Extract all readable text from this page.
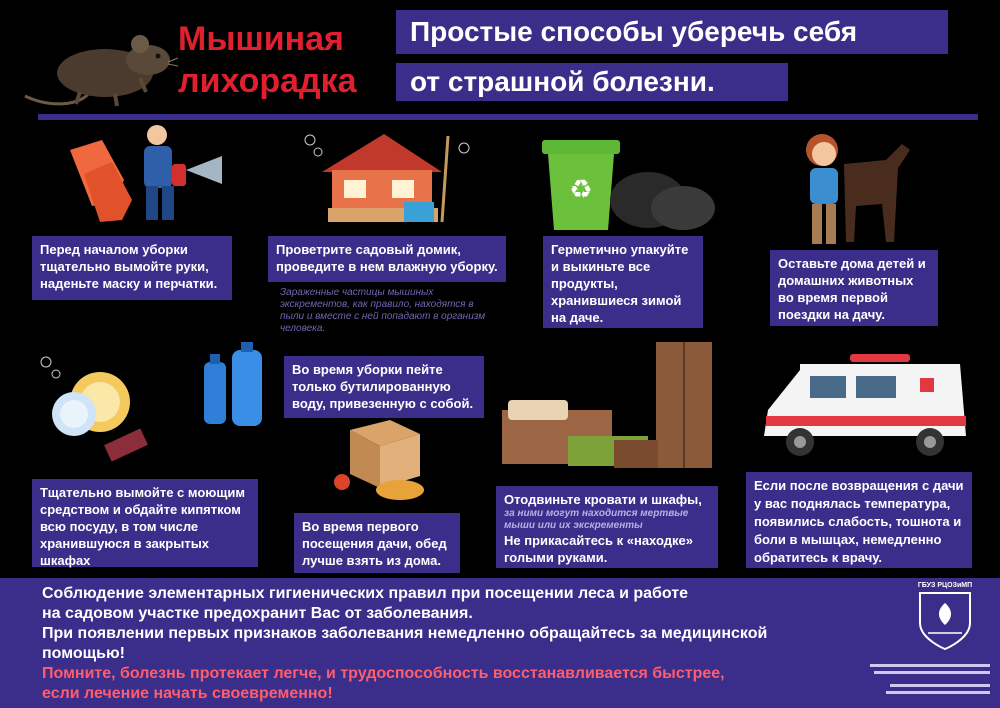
Мышиная
лихорадка
Простые способы уберечь себя
от страшной болезни.
♻
Перед началом уборки тщательно вымойте руки, наденьте маску и перчатки.
Проветрите садовый домик, проведите в нем влажную уборку.
Зараженные частицы мышиных экскрементов, как правило, находятся в пыли и вместе с ней попадают в организм человека.
Герметично упакуйте и выкиньте все продукты, хранившиеся зимой на даче.
Оставьте дома детей и домашних животных во время первой поездки на дачу.
Во время уборки пейте только бутилированную воду, привезенную с собой.
Тщательно вымойте с моющим средством и обдайте кипятком всю посуду, в том числе хранившуюся в закрытых шкафах
Во время первого посещения дачи, обед лучше взять из дома.
Отодвиньте кровати и шкафы,
за ними могут находится мертвые мыши или их экскременты
Не прикасайтесь к «находке» голыми руками.
Если после возвращения с дачи у вас поднялась температура, появились слабость, тошнота и боли в мышцах, немедленно обратитесь к врачу.
Соблюдение элементарных гигиенических правил при посещении леса и работе
на садовом участке предохранит Вас от заболевания.
При появлении первых признаков заболевания немедленно обращайтесь за медицинской
помощью!
Помните, болезнь протекает легче, и трудоспособность восстанавливается быстрее,
если лечение начать своевременно!
ГБУЗ РЦОЗиМП
